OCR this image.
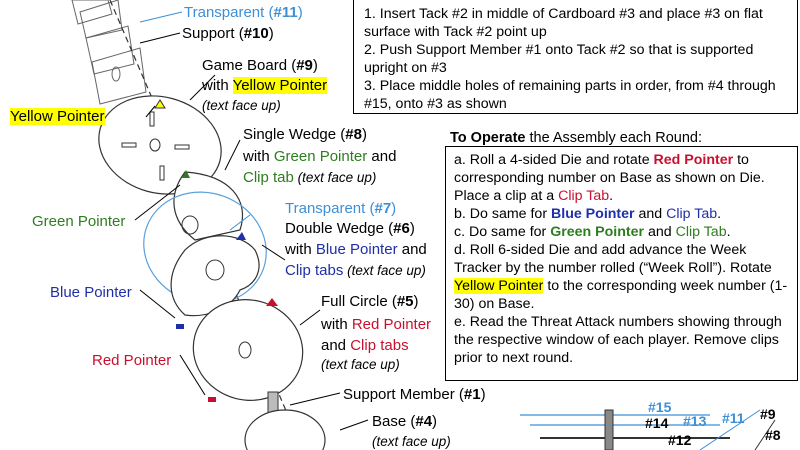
Transparent (#11)
Support (#10)
Game Board (#9)
with Yellow Pointer
(text face up)
Yellow Pointer
Single Wedge (#8)
with Green Pointer and
Clip tab (text face up)
Green Pointer
Transparent (#7)
Double Wedge (#6)
with Blue Pointer and
Clip tabs (text face up)
Blue Pointer
Full Circle (#5)
with Red Pointer
and Clip tabs
(text face up)
Red Pointer
Support Member (#1)
Base (#4)
(text face up)

1. Insert Tack #2 in middle of Cardboard #3 and place #3 on flat surface with Tack #2 point up

2. Push Support Member #1 onto Tack #2 so that is supported upright on #3

3. Place middle holes of remaining parts in order, from #4 through #15, onto #3 as shown

To Operate the Assembly each Round:

a. Roll a 4-sided Die and rotate Red Pointer to corresponding number on Base as shown on Die. Place a clip at a Clip Tab.

b. Do same for Blue Pointer and Clip Tab.

c. Do same for Green Pointer and Clip Tab.

d. Roll 6-sided Die and add advance the Week Tracker by the number rolled (“Week Roll”). Rotate Yellow Pointer to the corresponding week number (1-30) on Base.

e. Read the Threat Attack numbers showing through the respective window of each player. Remove clips prior to next round.

#15
#14 #13 #11
#12
#9
#8
